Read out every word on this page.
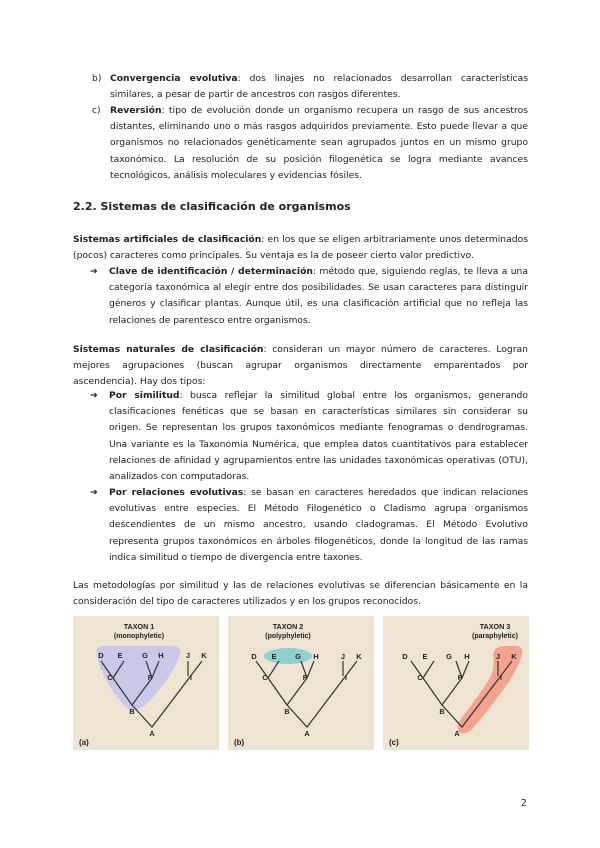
b) Convergencia evolutiva: dos linajes no relacionados desarrollan características similares, a pesar de partir de ancestros con rasgos diferentes.

c) Reversión: tipo de evolución donde un organismo recupera un rasgo de sus ancestros distantes, eliminando uno o más rasgos adquiridos previamente. Esto puede llevar a que organismos no relacionados genéticamente sean agrupados juntos en un mismo grupo taxonómico. La resolución de su posición filogenética se logra mediante avances tecnológicos, análisis moleculares y evidencias fósiles.

2.2. Sistemas de clasificación de organismos

Sistemas artificiales de clasificación: en los que se eligen arbitrariamente unos determinados (pocos) caracteres como principales. Su ventaja es la de poseer cierto valor predictivo.

➔ Clave de identificación / determinación: método que, siguiendo reglas, te lleva a una categoría taxonómica al elegir entre dos posibilidades. Se usan caracteres para distinguir géneros y clasificar plantas. Aunque útil, es una clasificación artificial que no refleja las relaciones de parentesco entre organismos.

Sistemas naturales de clasificación: consideran un mayor número de caracteres. Logran mejores agrupaciones (buscan agrupar organismos directamente emparentados por ascendencia). Hay dos tipos:

➔ Por similitud: busca reflejar la similitud global entre los organismos, generando clasificaciones fenéticas que se basan en características similares sin considerar su origen. Se representan los grupos taxonómicos mediante fenogramas o dendrogramas. Una variante es la Taxonomía Numérica, que emplea datos cuantitativos para establecer relaciones de afinidad y agrupamientos entre las unidades taxonómicas operativas (OTU), analizados con computadoras.

➔ Por relaciones evolutivas: se basan en caracteres heredados que indican relaciones evolutivas entre especies. El Método Filogenético o Cladismo agrupa organismos descendientes de un mismo ancestro, usando cladogramas. El Método Evolutivo representa grupos taxonómicos en árboles filogenéticos, donde la longitud de las ramas indica similitud o tiempo de divergencia entre taxones.

Las metodologías por similitud y las de relaciones evolutivas se diferencian básicamente en la consideración del tipo de caracteres utilizados y en los grupos reconocidos.

TAXON 1
(monophyletic)
D E	G H	J K
C	F	I
B
A
(a)
TAXON 2
(polyphyletic)
D E G H	J K
C	F	I
B
A
(b)
TAXON 3
(paraphyletic)
D E G H	J K
C	F	I
B
A
(c)
2
